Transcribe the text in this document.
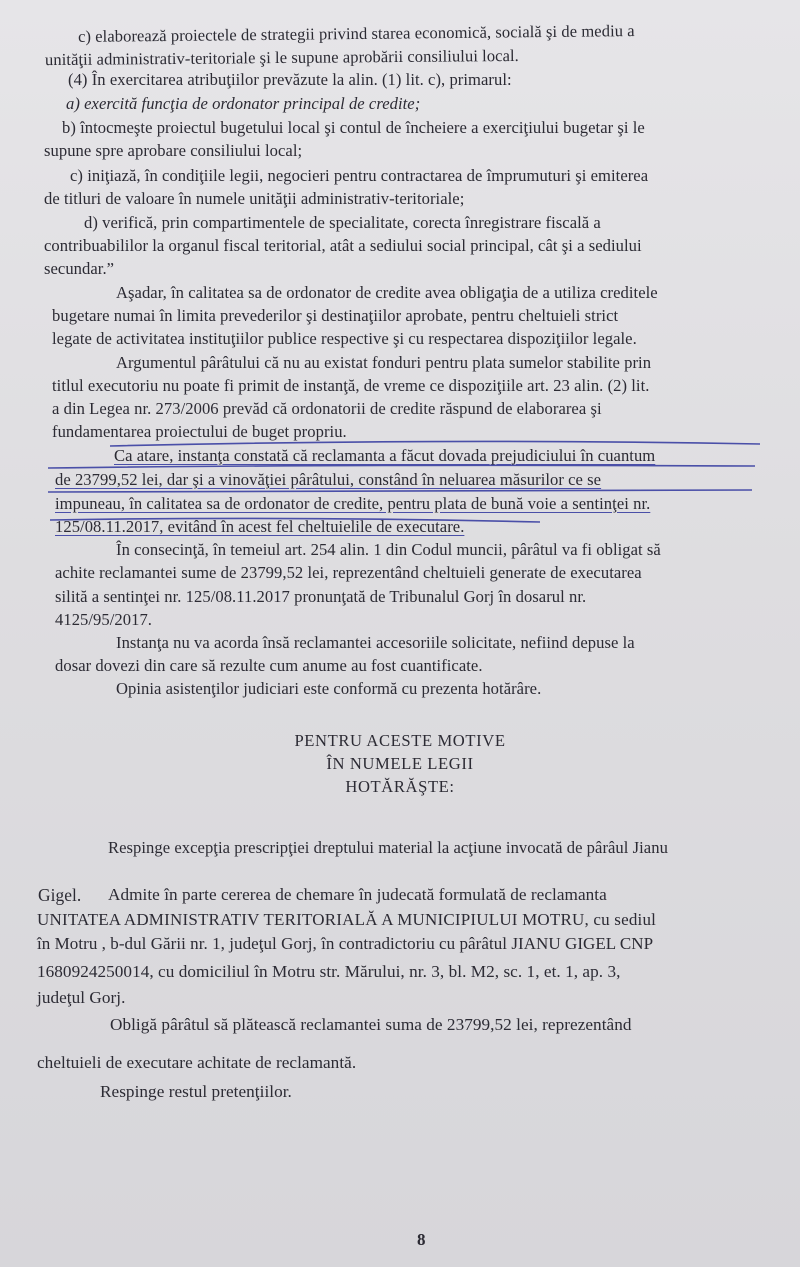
c) elaborează proiectele de strategii privind starea economică, socială şi de mediu a
unităţii administrativ-teritoriale şi le supune aprobării consiliului local.
(4) În exercitarea atribuţiilor prevăzute la alin. (1) lit. c), primarul:
a) exercită funcţia de ordonator principal de credite;
b) întocmeşte proiectul bugetului local şi contul de încheiere a exerciţiului bugetar şi le
supune spre aprobare consiliului local;
c) iniţiază, în condiţiile legii, negocieri pentru contractarea de împrumuturi şi emiterea
de titluri de valoare în numele unităţii administrativ-teritoriale;
d) verifică, prin compartimentele de specialitate, corecta înregistrare fiscală a
contribuabililor la organul fiscal teritorial, atât a sediului social principal, cât şi a sediului
secundar.”
Aşadar, în calitatea sa de ordonator de credite avea obligaţia de a utiliza creditele
bugetare numai în limita prevederilor şi destinaţiilor aprobate, pentru cheltuieli strict
legate de activitatea instituţiilor publice respective şi cu respectarea dispoziţiilor legale.
Argumentul pârâtului că nu au existat fonduri pentru plata sumelor stabilite prin
titlul executoriu nu poate fi primit de instanţă, de vreme ce dispoziţiile art. 23 alin. (2) lit.
a din Legea nr. 273/2006 prevăd că ordonatorii de credite răspund de elaborarea şi
fundamentarea proiectului de buget propriu.
Ca atare, instanţa constată că reclamanta a făcut dovada prejudiciului în cuantum
de 23799,52 lei, dar şi a vinovăţiei pârâtului, constând în neluarea măsurilor ce se
impuneau, în calitatea sa de ordonator de credite, pentru plata de bună voie a sentinţei nr.
125/08.11.2017, evitând în acest fel cheltuielile de executare.
În consecinţă, în temeiul art. 254 alin. 1 din Codul muncii, pârâtul va fi obligat să
achite reclamantei sume de 23799,52 lei, reprezentând cheltuieli generate de executarea
silită a sentinţei nr. 125/08.11.2017 pronunţată de Tribunalul Gorj în dosarul nr.
4125/95/2017.
Instanţa nu va acorda însă reclamantei accesoriile solicitate, nefiind depuse la
dosar dovezi din care să rezulte cum anume au fost cuantificate.
Opinia asistenţilor judiciari este conformă cu prezenta hotărâre.
PENTRU ACESTE MOTIVE
ÎN NUMELE LEGII
HOTĂRĂŞTE:
Respinge excepţia prescripţiei dreptului material la acţiune invocată de pârâul Jianu
Gigel. Admite în parte cererea de chemare în judecată formulată de reclamanta
UNITATEA ADMINISTRATIV TERITORIALĂ A MUNICIPIULUI MOTRU, cu sediul
în Motru , b-dul Gării nr. 1, judeţul Gorj, în contradictoriu cu pârâtul JIANU GIGEL CNP
1680924250014, cu domiciliul în Motru str. Mărului, nr. 3, bl. M2, sc. 1, et. 1, ap. 3,
judeţul Gorj.
Obligă pârâtul să plătească reclamantei suma de 23799,52 lei, reprezentând
cheltuieli de executare achitate de reclamantă.
Respinge restul pretenţiilor.
8
